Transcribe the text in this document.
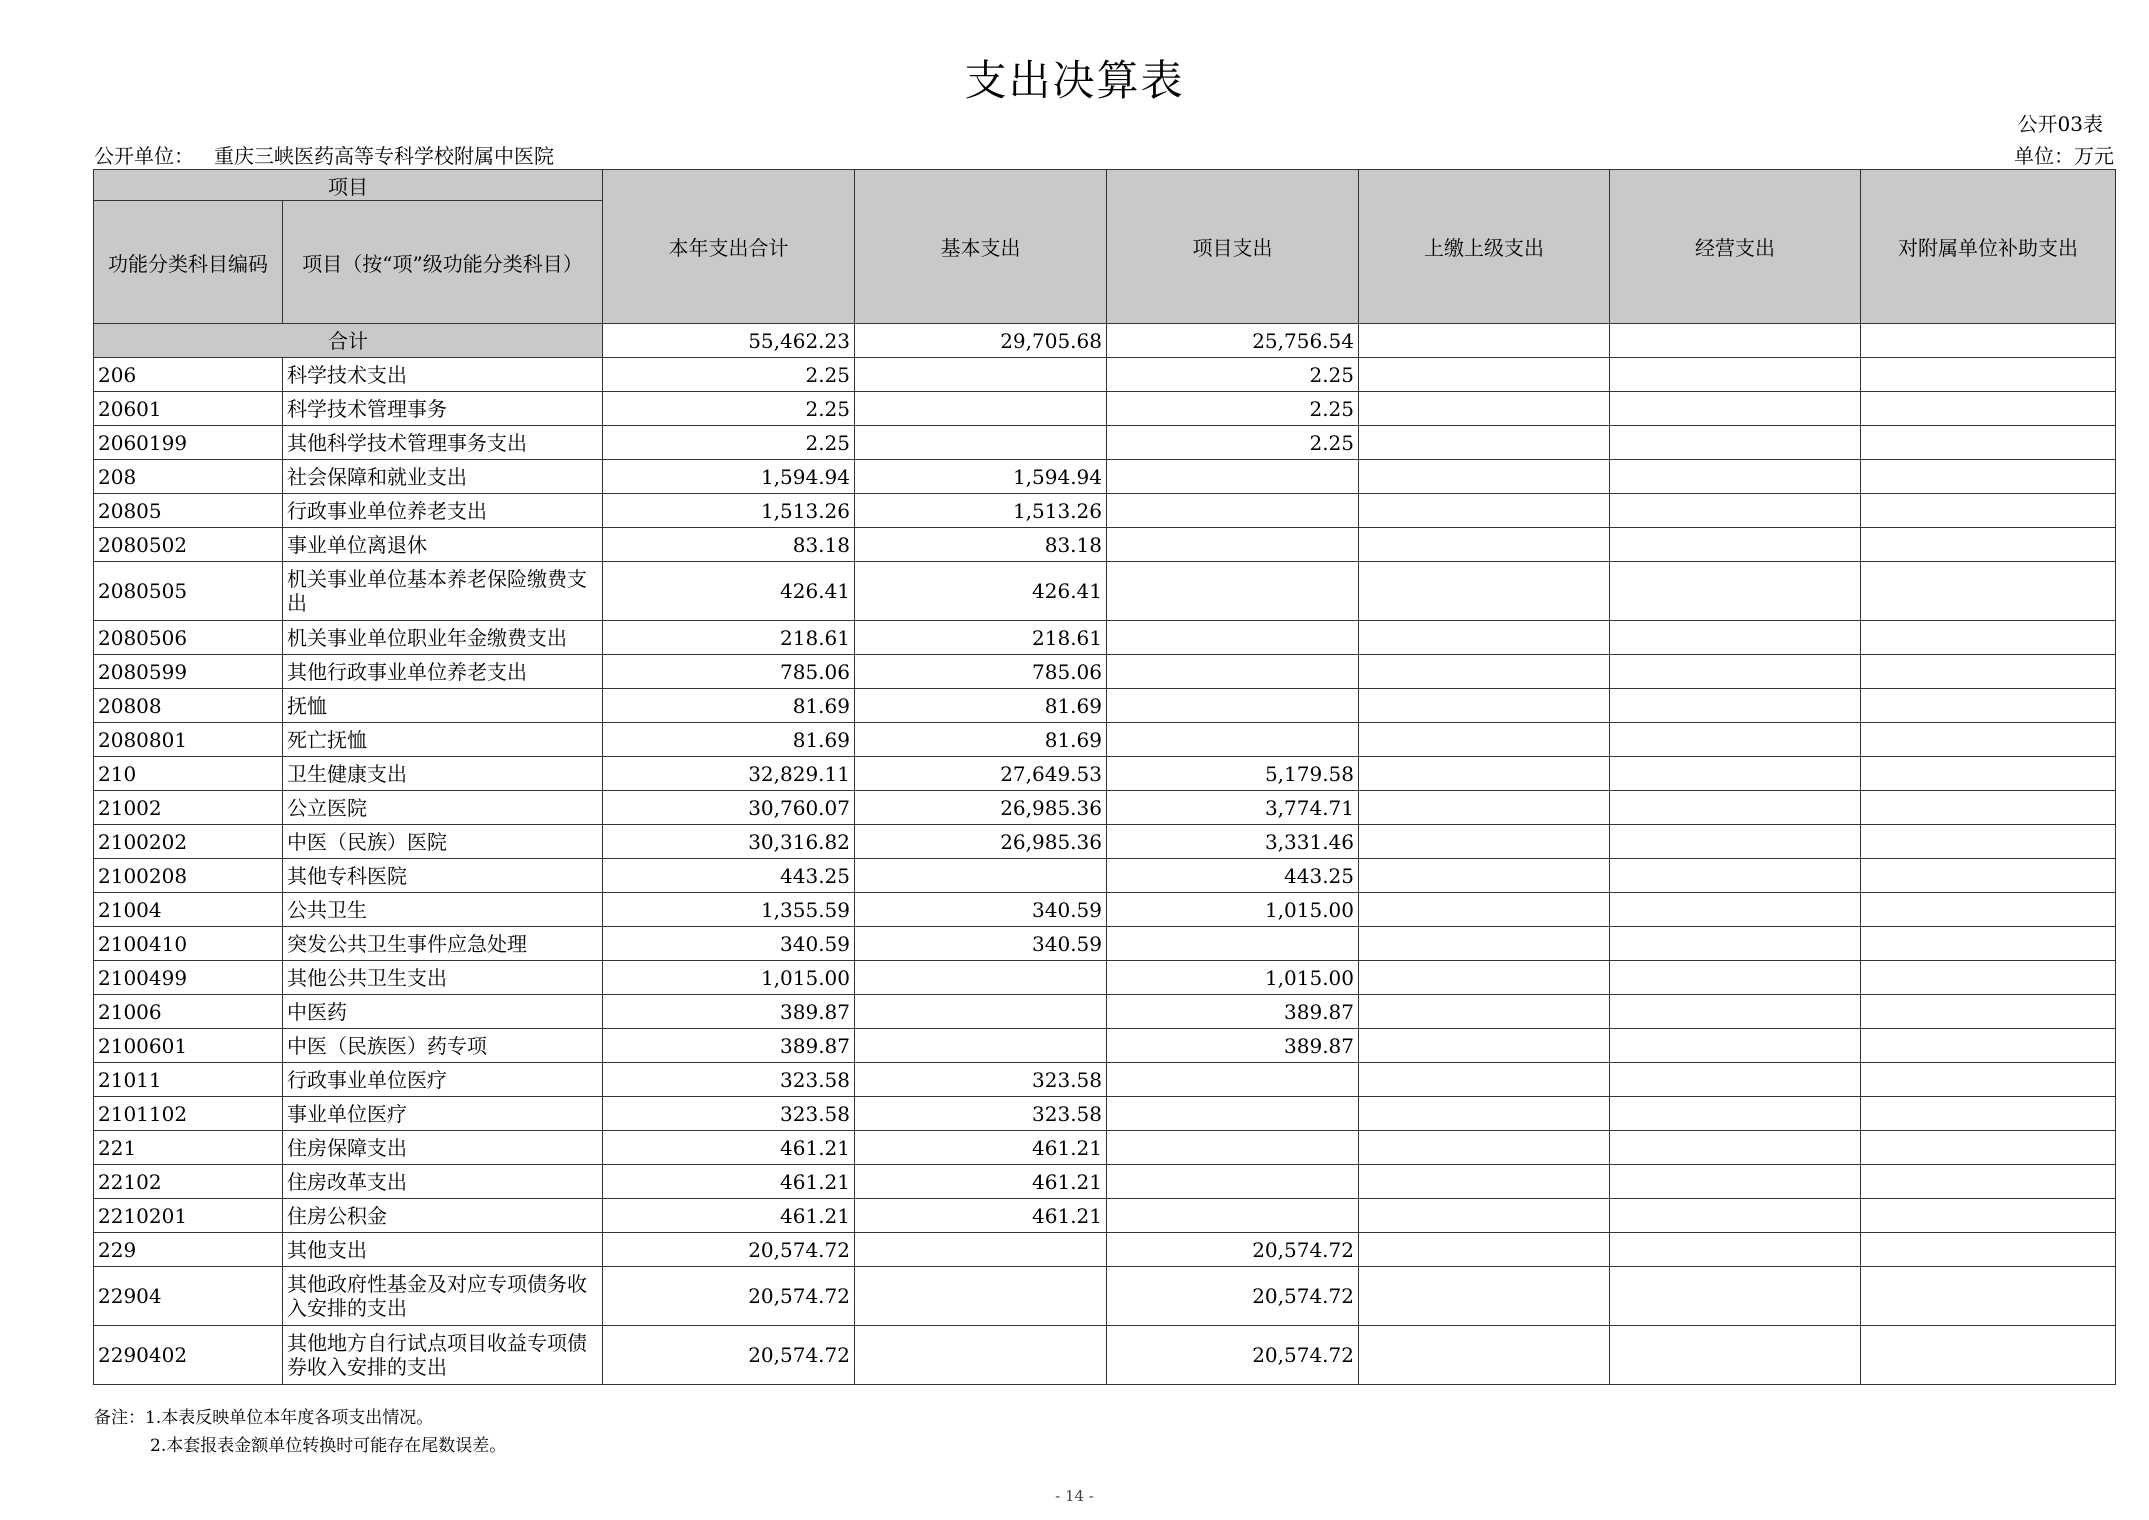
支出决算表
公开03表
公开单位： 重庆三峡医药高等专科学校附属中医院	单位：万元
项目		本年支出合计	基本支出	项目支出	上缴上级支出	经营支出	对附属单位补助支出
功能分类科目编码	项目（按“项”级功能分类科目）						
合计		55,462.23	29,705.68	25,756.54			
206	科学技术支出	2.25		2.25			
20601	科学技术管理事务	2.25		2.25			
2060199	其他科学技术管理事务支出	2.25		2.25			
208	社会保障和就业支出	1,594.94	1,594.94				
20805	行政事业单位养老支出	1,513.26	1,513.26				
2080502	事业单位离退休	83.18	83.18				
2080505	机关事业单位基本养老保险缴费支出	426.41	426.41				
2080506	机关事业单位职业年金缴费支出	218.61	218.61				
2080599	其他行政事业单位养老支出	785.06	785.06				
20808	抚恤	81.69	81.69				
2080801	死亡抚恤	81.69	81.69				
210	卫生健康支出	32,829.11	27,649.53	5,179.58			
21002	公立医院	30,760.07	26,985.36	3,774.71			
2100202	中医（民族）医院	30,316.82	26,985.36	3,331.46			
2100208	其他专科医院	443.25		443.25			
21004	公共卫生	1,355.59	340.59	1,015.00			
2100410	突发公共卫生事件应急处理	340.59	340.59				
2100499	其他公共卫生支出	1,015.00		1,015.00			
21006	中医药	389.87		389.87			
2100601	中医（民族医）药专项	389.87		389.87			
21011	行政事业单位医疗	323.58	323.58				
2101102	事业单位医疗	323.58	323.58				
221	住房保障支出	461.21	461.21				
22102	住房改革支出	461.21	461.21				
2210201	住房公积金	461.21	461.21				
229	其他支出	20,574.72		20,574.72			
22904	其他政府性基金及对应专项债务收入安排的支出	20,574.72		20,574.72			
2290402	其他地方自行试点项目收益专项债券收入安排的支出	20,574.72		20,574.72			
备注：1.本表反映单位本年度各项支出情况。
2.本套报表金额单位转换时可能存在尾数误差。
- 14 -
